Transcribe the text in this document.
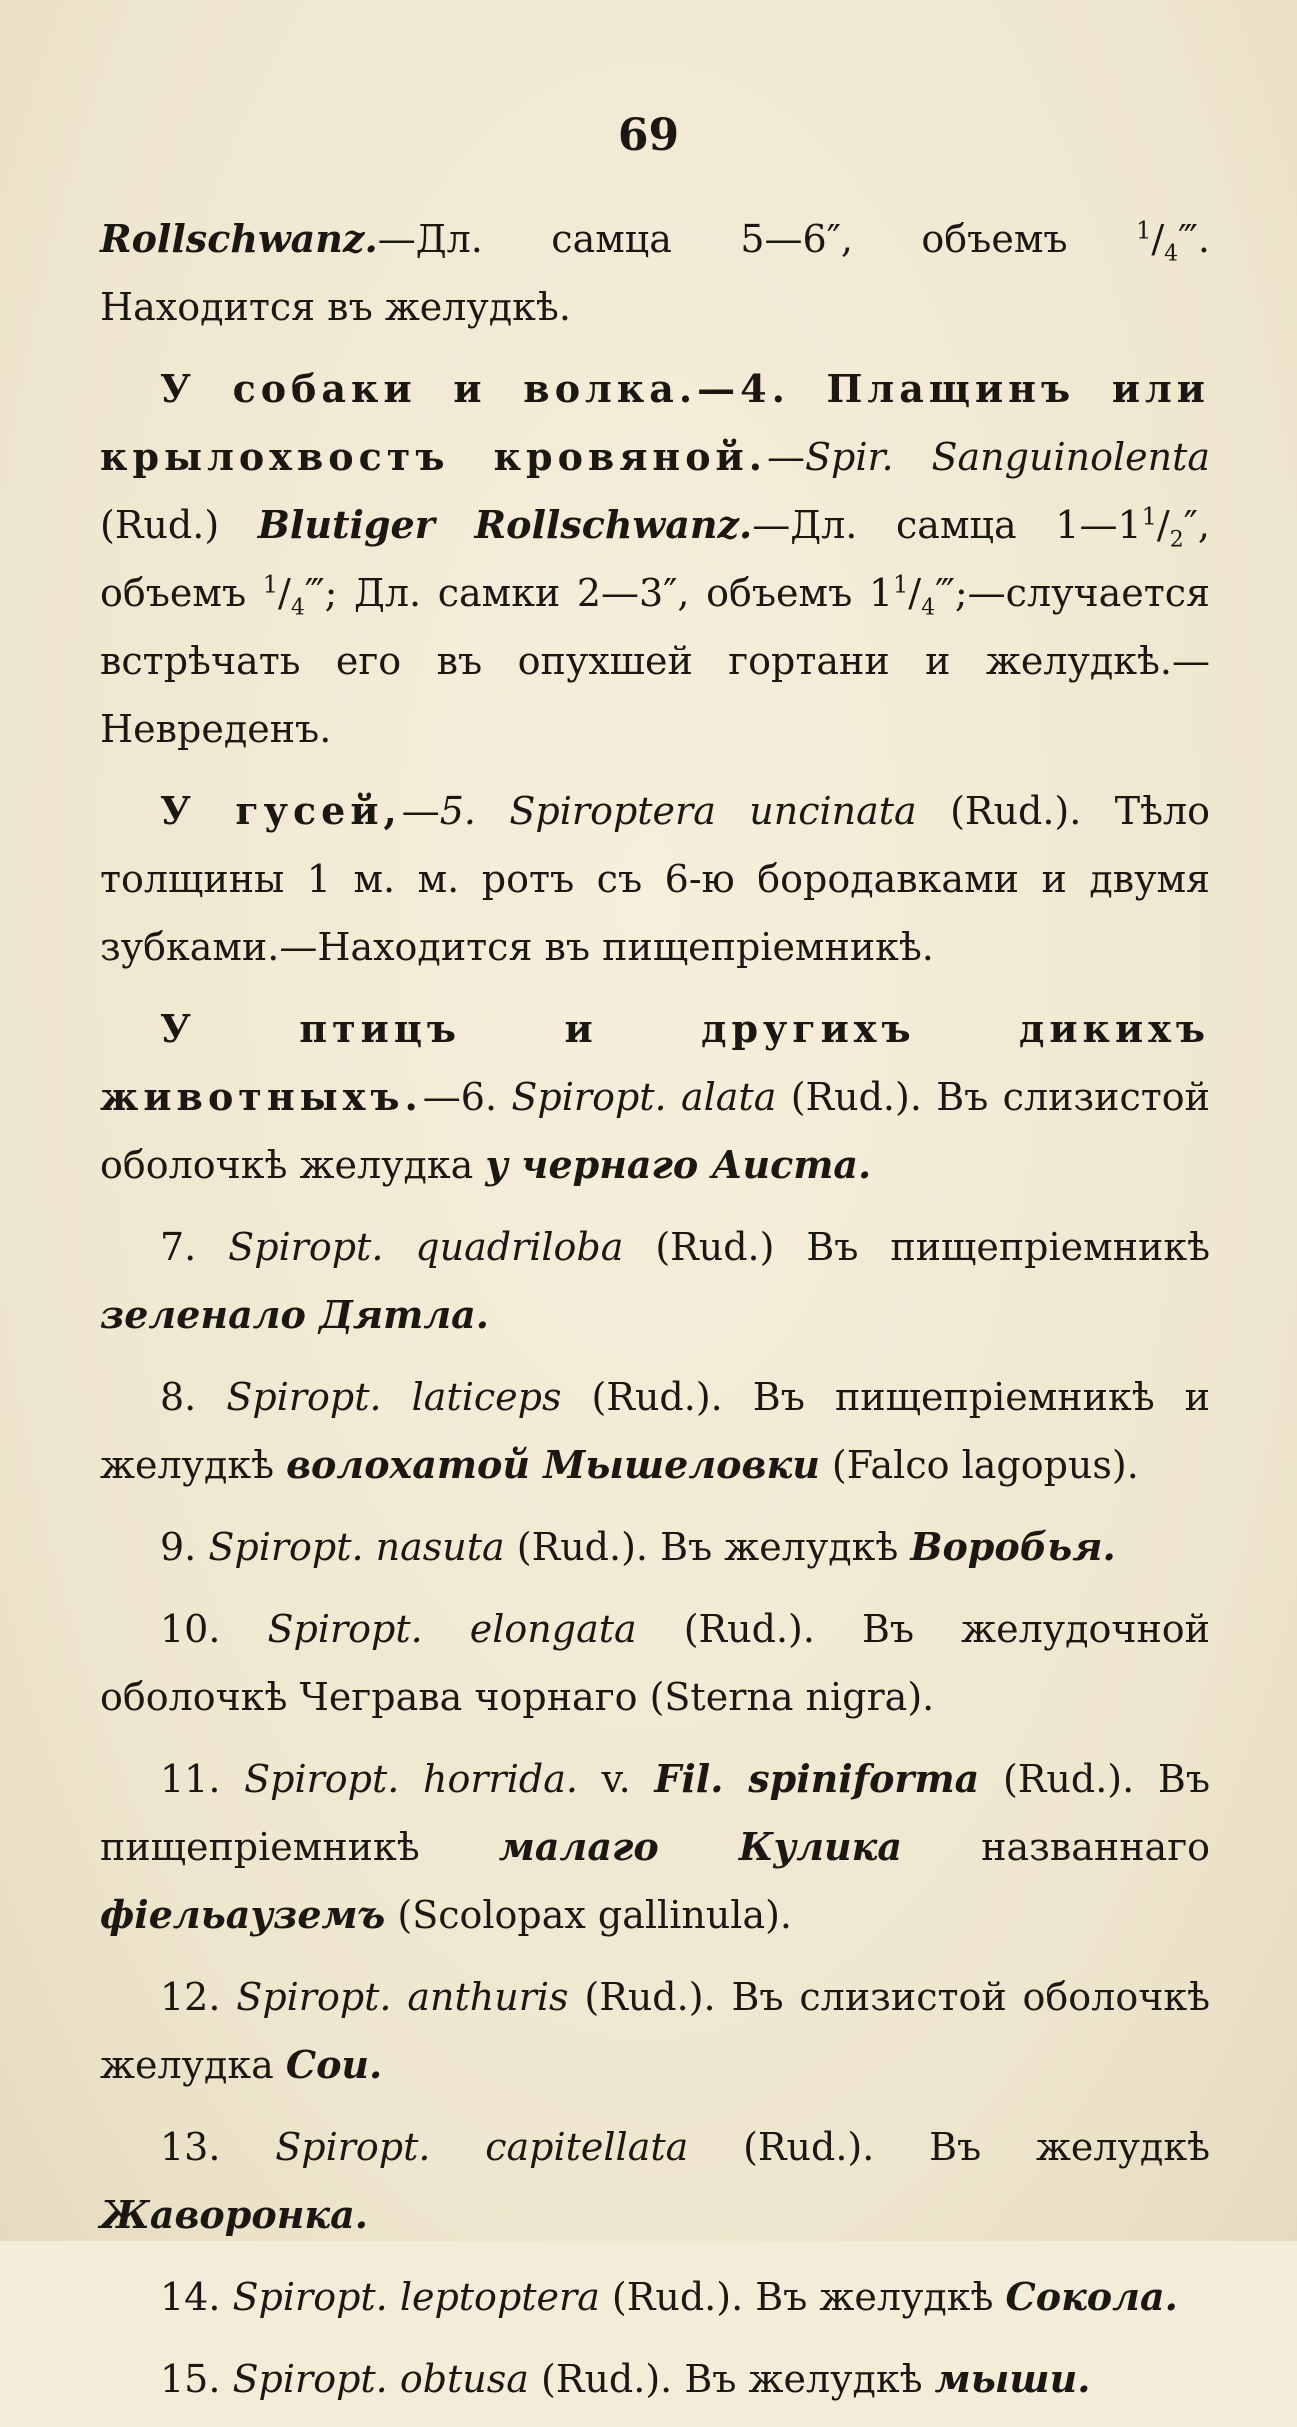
69

Rollschwanz.—Дл. самца 5—6″, объемъ $^1/_4‴$. Находится въ желудкѣ.

У собаки и волка.—4. Плащинъ или крылохвостъ кровяной.—Spir. Sanguinolenta (Rud.) Blutiger Rollschwanz.—Дл. самца $1—1^1/_2''$, объемъ $^1/_4‴$; Дл. самки 2—3″, объемъ $1^1/_4‴;—случается$ встрѣчать его въ опухшей гортани и желудкѣ.—Невреденъ.

У гусей,—5. Spiroptera uncinata (Rud.). Тѣло толщины 1 м. м. ротъ съ 6-ю бородавками и двумя зубками.—Находится въ пищепріемникѣ.

У птицъ и другихъ дикихъ животныхъ.—6. Spiropt. alata (Rud.). Въ слизистой оболочкѣ желудка у чернаго Аиста.

7. Spiropt. quadriloba (Rud.) Въ пищепріемникѣ зеленало Дятла.

8. Spiropt. laticeps (Rud.). Въ пищепріемникѣ и желудкѣ волохатой Мышеловки (Falco lagopus).

9. Spiropt. nasuta (Rud.). Въ желудкѣ Воробья.

10. Spiropt. elongata (Rud.). Въ желудочной оболочкѣ Чеграва чорнаго (Sterna nigra).

11. Spiropt. horrida. v. Fil. spiniforma (Rud.). Въ пищепріемникѣ малаго Кулика названнаго фіельауземъ (Scolopax gallinula).

12. Spiropt. anthuris (Rud.). Въ слизистой оболочкѣ желудка Сои.

13. Spiropt. capitellata (Rud.). Въ желудкѣ Жаворонка.

14. Spiropt. leptoptera (Rud.). Въ желудкѣ Сокола.

15. Spiropt. obtusa (Rud.). Въ желудкѣ мыши.
